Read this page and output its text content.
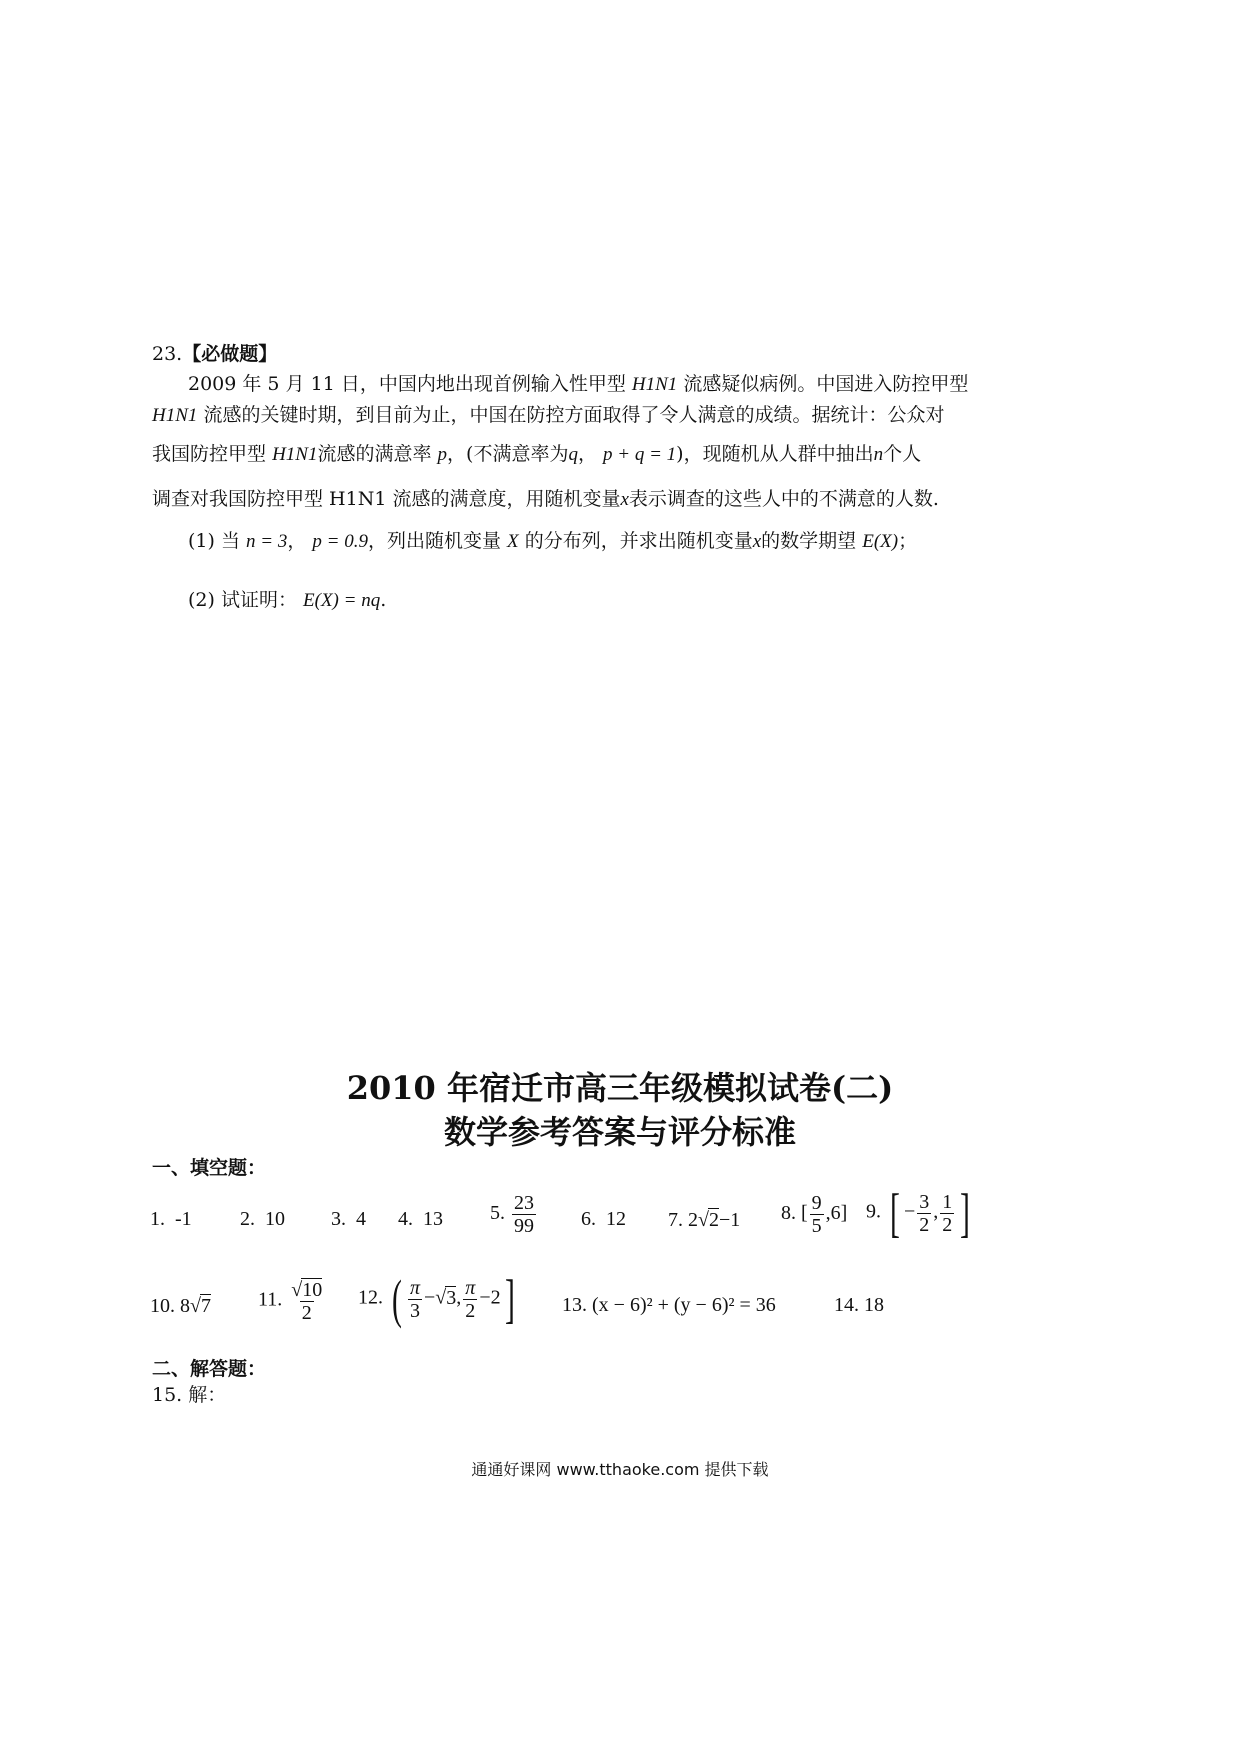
23.【必做题】
2009 年 5 月 11 日，中国内地出现首例输入性甲型 H1N1 流感疑似病例。中国进入防控甲型
H1N1 流感的关键时期，到目前为止，中国在防控方面取得了令人满意的成绩。据统计：公众对
我国防控甲型 H1N1流感的满意率 p，(不满意率为q， p + q = 1)，现随机从人群中抽出n个人
调查对我国防控甲型 H1N1 流感的满意度，用随机变量x表示调查的这些人中的不满意的人数.
(1) 当 n = 3， p = 0.9，列出随机变量 X 的分布列，并求出随机变量x的数学期望 E(X)；
(2) 试证明： E(X) = nq.
2010 年宿迁市高三年级模拟试卷(二)
数学参考答案与评分标准
一、填空题：
1. -1 2. 10 3. 4 4. 13 5. $\frac{23}{99} 6$. 12 7. 2√2−1 8. [ $\frac{9}{5} ,6$] 9. [ − $\frac{3}{2}$ , $\frac{1}{2}$ ]
10. 8√7 11. $\frac{√10}{2} 12$. ( $\frac{\pi}{3} -√3$, $\frac{\pi}{2} -2$] 13. (x − 6)² + (y − 6)² = 36	14. 18
二、解答题：
15. 解：
通通好课网 www.tthaoke.com 提供下载
